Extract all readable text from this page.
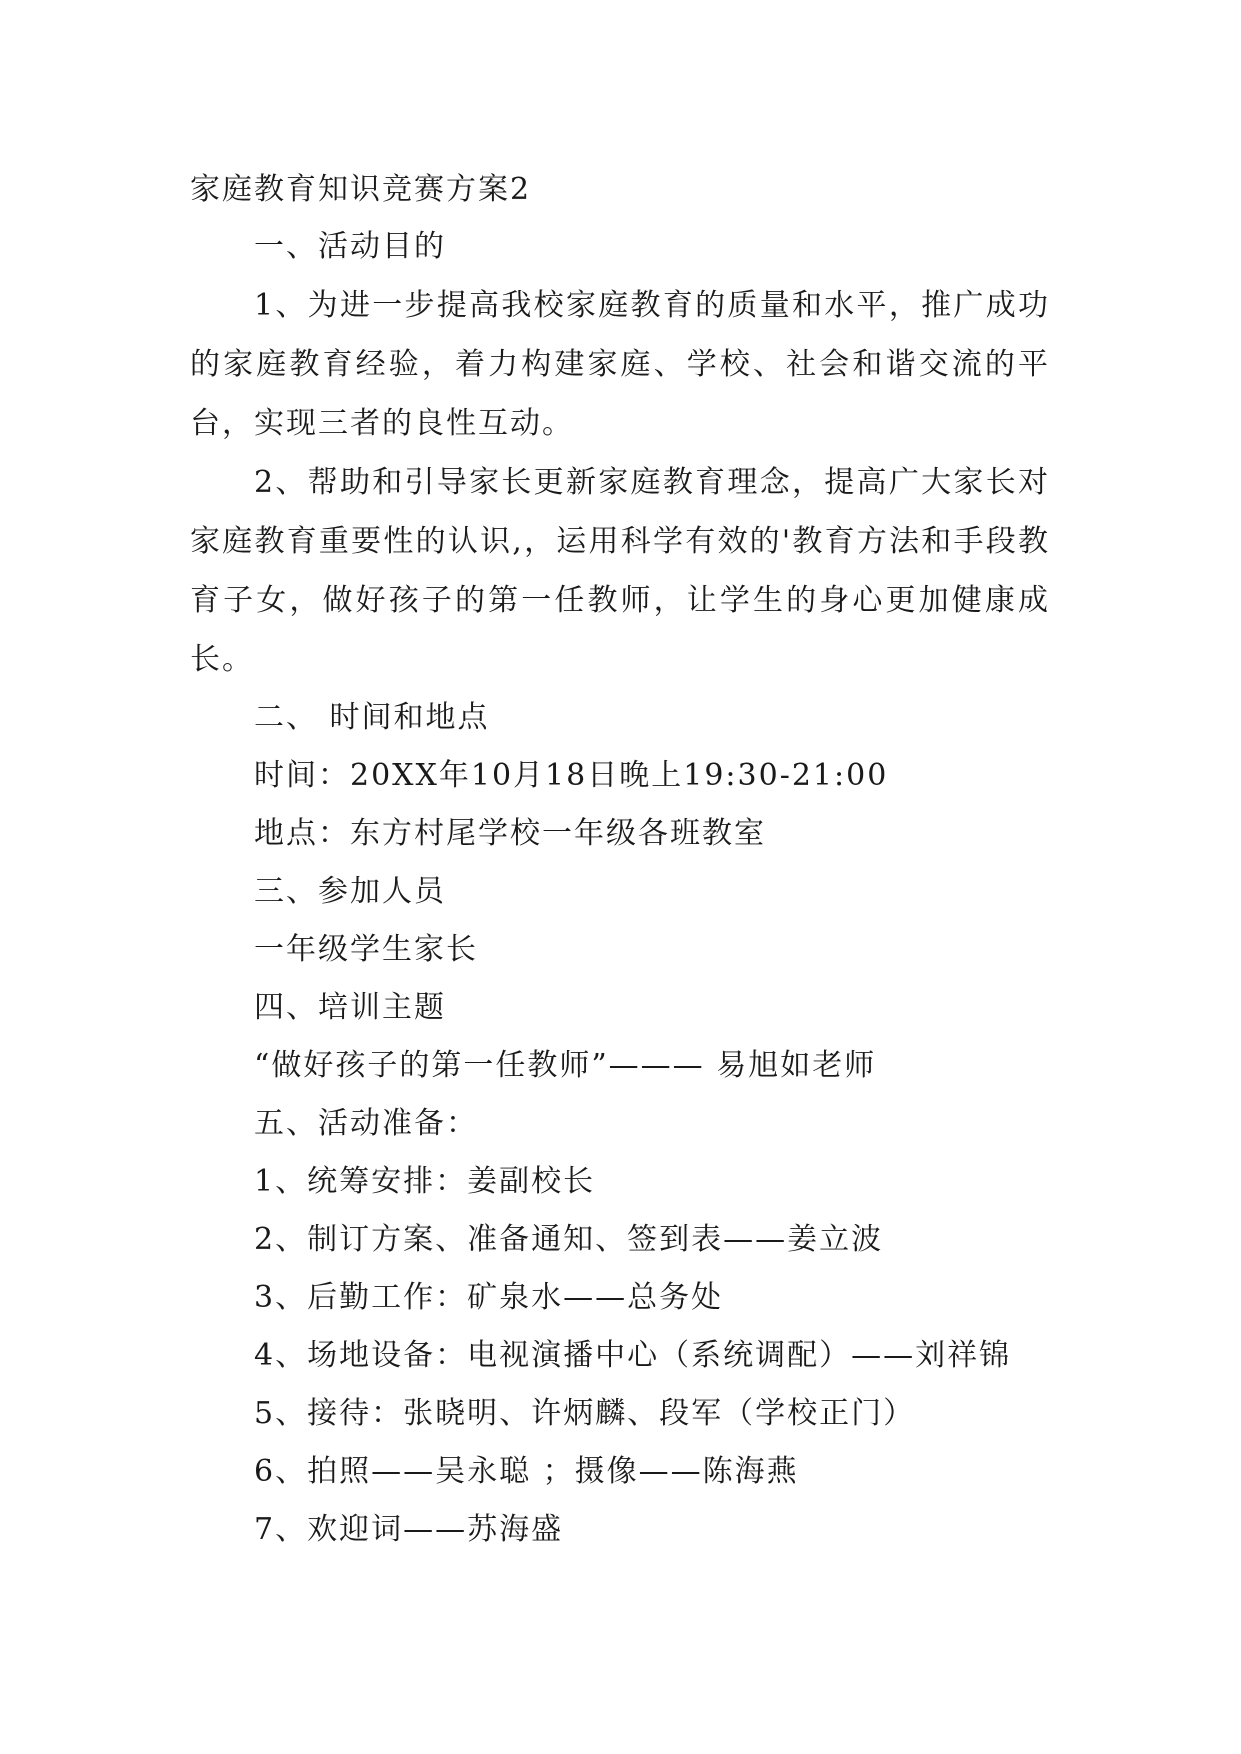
家庭教育知识竞赛方案2

一、活动目的

1、为进一步提高我校家庭教育的质量和水平，推广成功的家庭教育经验，着力构建家庭、学校、社会和谐交流的平台，实现三者的良性互动。

2、帮助和引导家长更新家庭教育理念，提高广大家长对家庭教育重要性的认识,，运用科学有效的'教育方法和手段教育子女，做好孩子的第一任教师，让学生的身心更加健康成长。

二、 时间和地点

时间：20XX年10月18日晚上19:30-21:00

地点：东方村尾学校一年级各班教室

三、参加人员

一年级学生家长

四、培训主题

“做好孩子的第一任教师”——— 易旭如老师

五、活动准备：

1、统筹安排：姜副校长

2、制订方案、准备通知、签到表——姜立波

3、后勤工作：矿泉水——总务处

4、场地设备：电视演播中心（系统调配）——刘祥锦

5、接待：张晓明、许炳麟、段军（学校正门）

6、拍照——吴永聪 ；摄像——陈海燕

7、欢迎词——苏海盛
